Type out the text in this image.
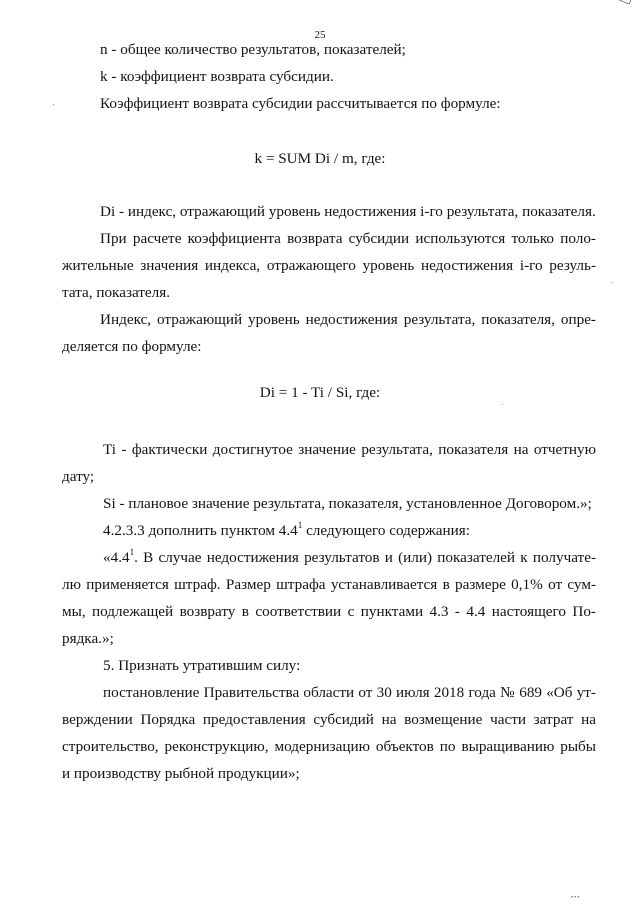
25
n - общее количество результатов, показателей;
k - коэффициент возврата субсидии.
Коэффициент возврата субсидии рассчитывается по формуле:
k = SUM Di / m, где:
Di - индекс, отражающий уровень недостижения i-го результата, показателя.
При расчете коэффициента возврата субсидии используются только поло-
жительные значения индекса, отражающего уровень недостижения i-го резуль-
тата, показателя.
Индекс, отражающий уровень недостижения результата, показателя, опре-
деляется по формуле:
Di = 1 - Ti / Si, где:
Ti - фактически достигнутое значение результата, показателя на отчетную
дату;
Si - плановое значение результата, показателя, установленное Договором.»;
4.2.3.3 дополнить пунктом $4.4^1$ следующего содержания:
«$4.4^1$. В случае недостижения результатов и (или) показателей к получате-
лю применяется штраф. Размер штрафа устанавливается в размере 0,1% от сум-
мы, подлежащей возврату в соответствии с пунктами 4.3 - 4.4 настоящего По-
рядка.»;
5. Признать утратившим силу:
постановление Правительства области от 30 июля 2018 года № 689 «Об ут-
верждении Порядка предоставления субсидий на возмещение части затрат на
строительство, реконструкцию, модернизацию объектов по выращиванию рыбы
и производству рыбной продукции»;
•••
